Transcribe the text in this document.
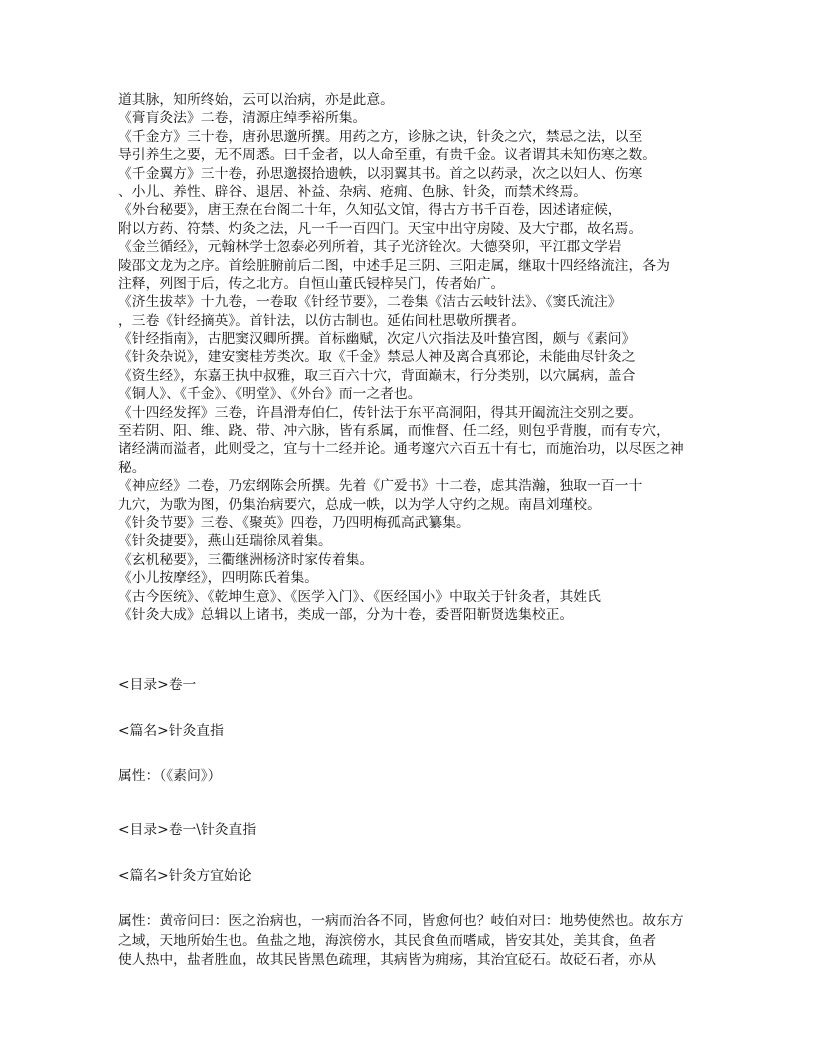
道其脉，知所终始，云可以治病，亦是此意。
《膏肓灸法》二卷，清源庄绰季裕所集。
《千金方》三十卷，唐孙思邈所撰。用药之方，诊脉之诀，针灸之穴，禁忌之法，以至
导引养生之要，无不周悉。曰千金者，以人命至重，有贵千金。议者谓其未知伤寒之数。
《千金翼方》三十卷，孙思邈掇拾遗帙，以羽翼其书。首之以药录，次之以妇人、伤寒
、小儿、养性、辟谷、退居、补益、杂病、疮痈、色脉、针灸，而禁术终焉。
《外台秘要》，唐王焘在台阁二十年，久知弘文馆，得古方书千百卷，因述诸症候，
附以方药、符禁、灼灸之法，凡一千一百四门。天宝中出守房陵、及大宁郡，故名焉。
《金兰循经》，元翰林学士忽泰必列所着，其子光济铨次。大德癸卯，平江郡文学岩
陵邵文龙为之序。首绘脏腑前后二图，中述手足三阴、三阳走属，继取十四经络流注，各为
注释，列图于后，传之北方。自恒山董氏锓梓吴门，传者始广。
《济生拔萃》十九卷，一卷取《针经节要》，二卷集《洁古云岐针法》、《窦氏流注》
，三卷《针经摘英》。首针法，以仿古制也。延佑间杜思敬所撰者。
《针经指南》，古肥窦汉卿所撰。首标幽赋，次定八穴指法及叶蛰宫图，颇与《素问》
《针灸杂说》，建安窦桂芳类次。取《千金》禁忌人神及离合真邪论，未能曲尽针灸之
《资生经》，东嘉王执中叔雅，取三百六十穴，背面巅末，行分类别，以穴属病，盖合
《铜人》、《千金》、《明堂》、《外台》而一之者也。
《十四经发挥》三卷，许昌滑寿伯仁，传针法于东平高洞阳，得其开阖流注交别之要。
至若阴、阳、维、跷、带、冲六脉，皆有系属，而惟督、任二经，则包乎背腹，而有专穴，
诸经满而溢者，此则受之，宜与十二经并论。通考邃穴六百五十有七，而施治功，以尽医之神
秘。
《神应经》二卷，乃宏纲陈会所撰。先着《广爱书》十二卷，虑其浩瀚，独取一百一十
九穴，为歌为图，仍集治病要穴，总成一帙，以为学人守约之规。南昌刘瑾校。
《针灸节要》三卷、《聚英》四卷，乃四明梅孤高武纂集。
《针灸捷要》，燕山廷瑞徐凤着集。
《玄机秘要》，三衢继洲杨济时家传着集。
《小儿按摩经》，四明陈氏着集。
《古今医统》、《乾坤生意》、《医学入门》、《医经国小》中取关于针灸者，其姓氏
《针灸大成》总辑以上诸书，类成一部，分为十卷，委晋阳靳贤选集校正。
<目录>卷一
<篇名>针灸直指
属性：（《素问》）
<目录>卷一\针灸直指
<篇名>针灸方宜始论
属性：黄帝问曰：医之治病也，一病而治各不同，皆愈何也？岐伯对曰：地势使然也。故东方
之域，天地所始生也。鱼盐之地，海滨傍水，其民食鱼而嗜咸，皆安其处，美其食，鱼者
使人热中，盐者胜血，故其民皆黑色疏理，其病皆为痈疡，其治宜砭石。故砭石者，亦从
